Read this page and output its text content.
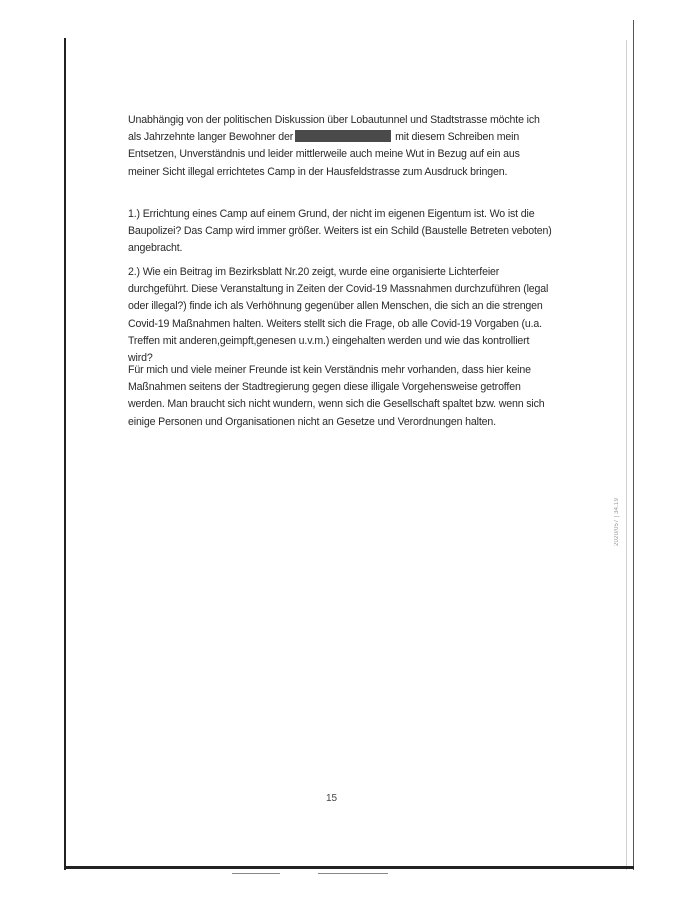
2020/057 | 34.19
Unabhängig von der politischen Diskussion über Lobautunnel und Stadtstrasse möchte ich
als Jahrzehnte langer Bewohner der	mit diesem Schreiben mein
Entsetzen, Unverständnis und leider mittlerweile auch meine Wut in Bezug auf ein aus
meiner Sicht illegal errichtetes Camp in der Hausfeldstrasse zum Ausdruck bringen.
1.) Errichtung eines Camp auf einem Grund, der nicht im eigenen Eigentum ist. Wo ist die
Baupolizei? Das Camp wird immer größer. Weiters ist ein Schild (Baustelle Betreten veboten)
angebracht.
2.) Wie ein Beitrag im Bezirksblatt Nr.20 zeigt, wurde eine organisierte Lichterfeier
durchgeführt. Diese Veranstaltung in Zeiten der Covid-19 Massnahmen durchzuführen (legal
oder illegal?) finde ich als Verhöhnung gegenüber allen Menschen, die sich an die strengen
Covid-19 Maßnahmen halten. Weiters stellt sich die Frage, ob alle Covid-19 Vorgaben (u.a.
Treffen mit anderen,geimpft,genesen u.v.m.) eingehalten werden und wie das kontrolliert
wird?
Für mich und viele meiner Freunde ist kein Verständnis mehr vorhanden, dass hier keine
Maßnahmen seitens der Stadtregierung gegen diese illigale Vorgehensweise getroffen
werden. Man braucht sich nicht wundern, wenn sich die Gesellschaft spaltet bzw. wenn sich
einige Personen und Organisationen nicht an Gesetze und Verordnungen halten.
15
